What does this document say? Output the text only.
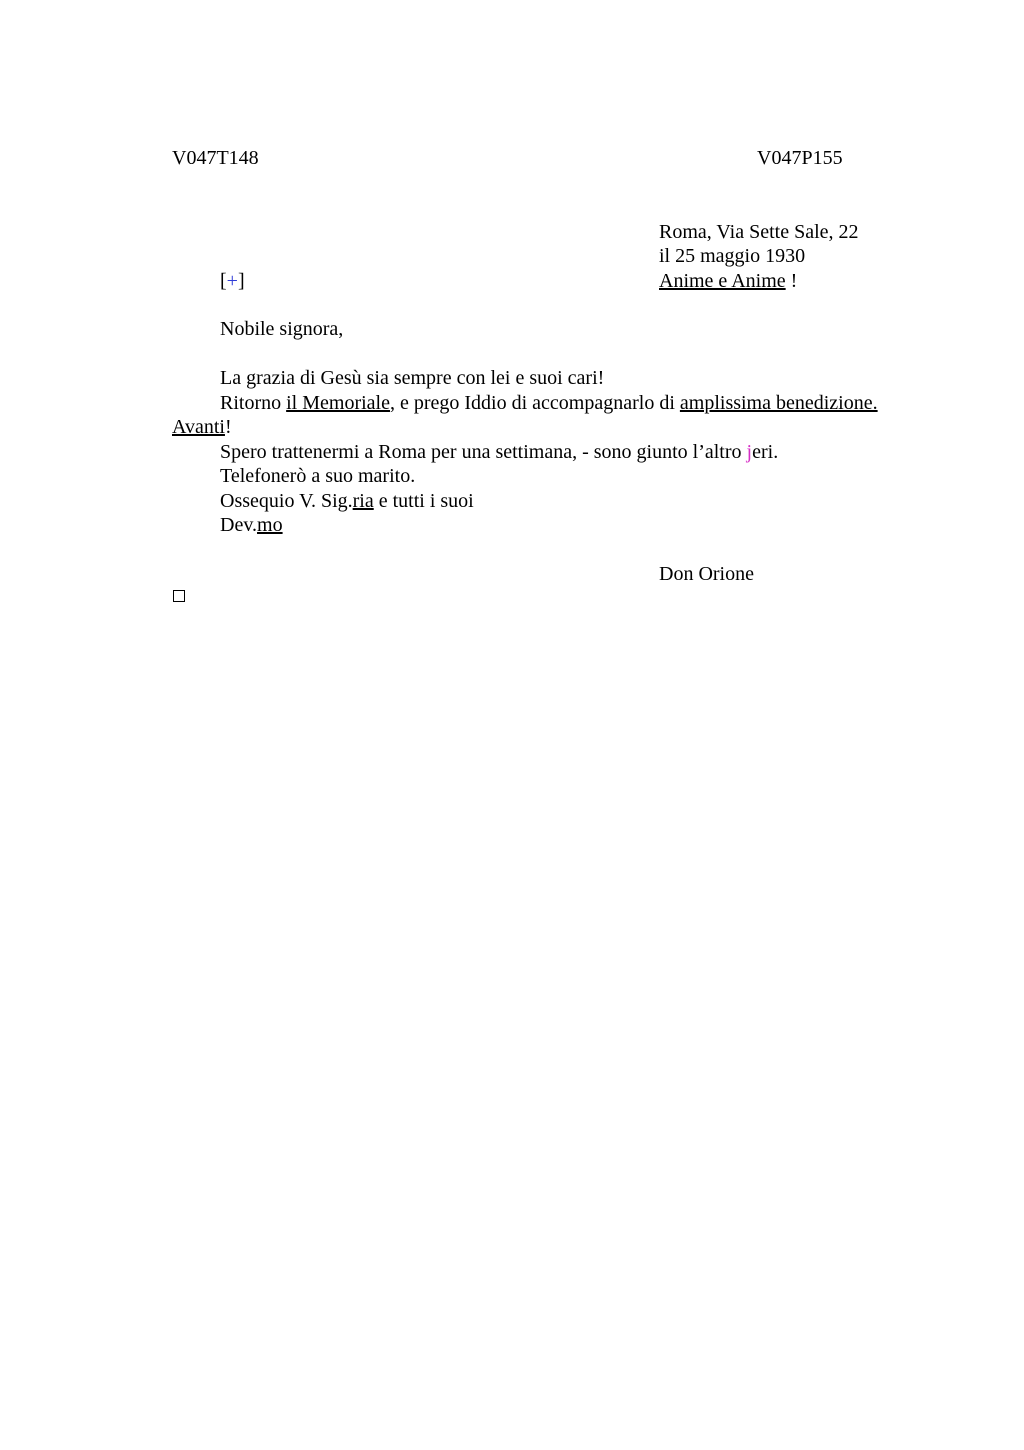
V047T148	V047P155
Roma, Via Sette Sale, 22
il 25 maggio 1930
Anime e Anime !
[+]
Nobile signora,
La grazia di Gesù sia sempre con lei e suoi cari!
Ritorno il Memoriale, e prego Iddio di accompagnarlo di amplissima benedizione.
Avanti!
Spero trattenermi a Roma per una settimana, - sono giunto l’altro jeri.
Telefonerò a suo marito.
Ossequio V. Sig.ria e tutti i suoi
Dev.mo
Don Orione
